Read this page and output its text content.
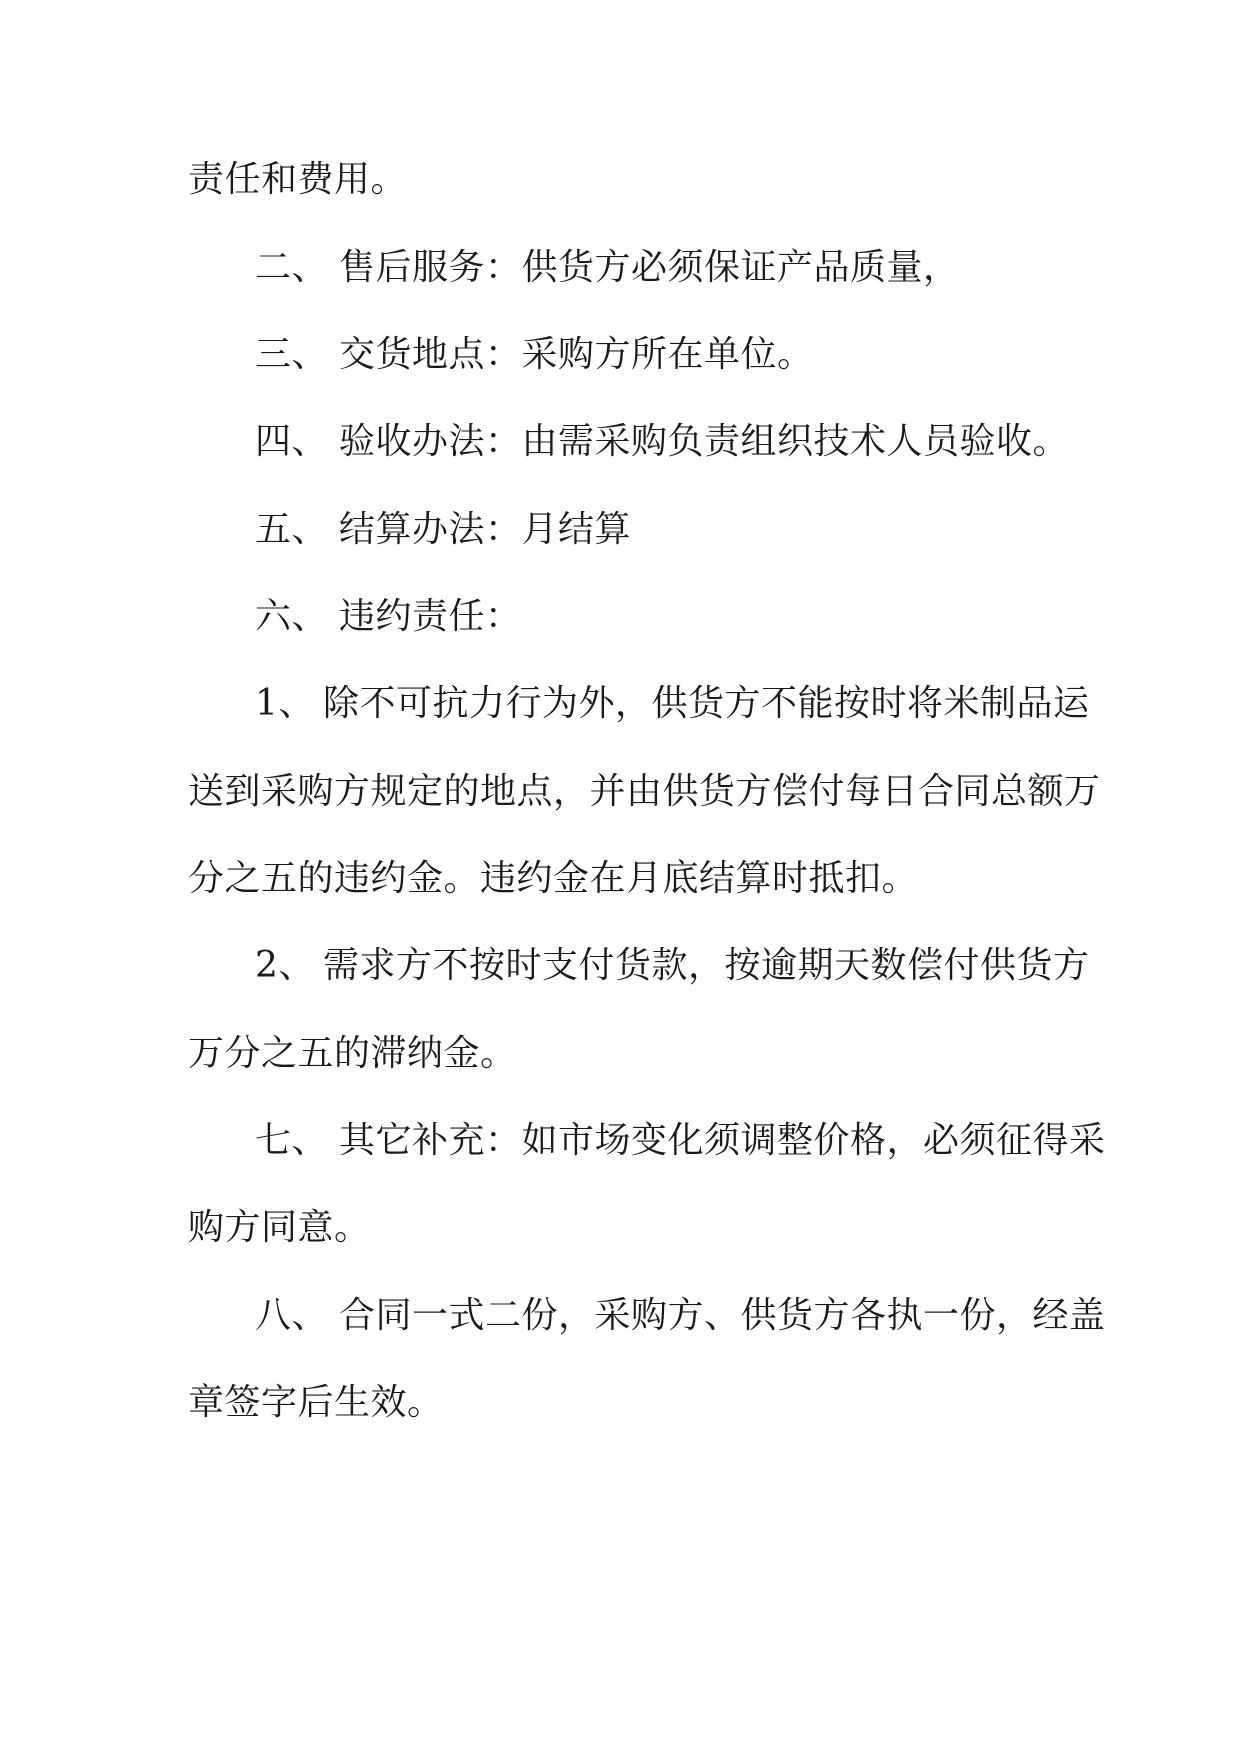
责任和费用。
二、 售后服务：供货方必须保证产品质量，
三、 交货地点：采购方所在单位。
四、 验收办法：由需采购负责组织技术人员验收。
五、 结算办法：月结算
六、 违约责任：
1、 除不可抗力行为外，供货方不能按时将米制品运
送到采购方规定的地点，并由供货方偿付每日合同总额万
分之五的违约金。违约金在月底结算时抵扣。
2、 需求方不按时支付货款，按逾期天数偿付供货方
万分之五的滞纳金。
七、 其它补充：如市场变化须调整价格，必须征得采
购方同意。
八、 合同一式二份，采购方、供货方各执一份，经盖
章签字后生效。
